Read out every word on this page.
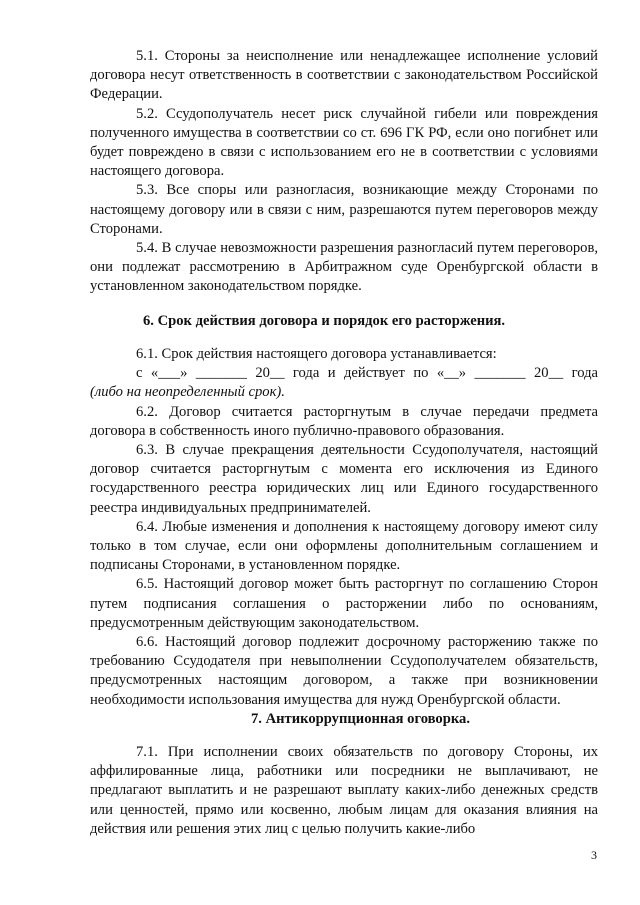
5.1. Стороны за неисполнение или ненадлежащее исполнение условий договора несут ответственность в соответствии с законодательством Российской Федерации.

5.2. Ссудополучатель несет риск случайной гибели или повреждения полученного имущества в соответствии со ст. 696 ГК РФ, если оно погибнет или будет повреждено в связи с использованием его не в соответствии с условиями настоящего договора.

5.3. Все споры или разногласия, возникающие между Сторонами по настоящему договору или в связи с ним, разрешаются путем переговоров между Сторонами.

5.4. В случае невозможности разрешения разногласий путем переговоров, они подлежат рассмотрению в Арбитражном суде Оренбургской области в установленном законодательством порядке.

6. Срок действия договора и порядок его расторжения.
6.1. Срок действия настоящего договора устанавливается:
с «___» _______ 20__ года и действует по «__» _______ 20__ года
(либо на неопределенный срок).

6.2. Договор считается расторгнутым в случае передачи предмета договора в собственность иного публично-правового образования.

6.3. В случае прекращения деятельности Ссудополучателя, настоящий договор считается расторгнутым с момента его исключения из Единого государственного реестра юридических лиц или Единого государственного реестра индивидуальных предпринимателей.

6.4. Любые изменения и дополнения к настоящему договору имеют силу только в том случае, если они оформлены дополнительным соглашением и подписаны Сторонами, в установленном порядке.

6.5. Настоящий договор может быть расторгнут по соглашению Сторон путем подписания соглашения о расторжении либо по основаниям, предусмотренным действующим законодательством.

6.6. Настоящий договор подлежит досрочному расторжению также по требованию Ссудодателя при невыполнении Ссудополучателем обязательств, предусмотренных настоящим договором, а также при возникновении необходимости использования имущества для нужд Оренбургской области.

7. Антикоррупционная оговорка.

7.1. При исполнении своих обязательств по договору Стороны, их аффилированные лица, работники или посредники не выплачивают, не предлагают выплатить и не разрешают выплату каких-либо денежных средств или ценностей, прямо или косвенно, любым лицам для оказания влияния на действия или решения этих лиц с целью получить какие-либо

3
